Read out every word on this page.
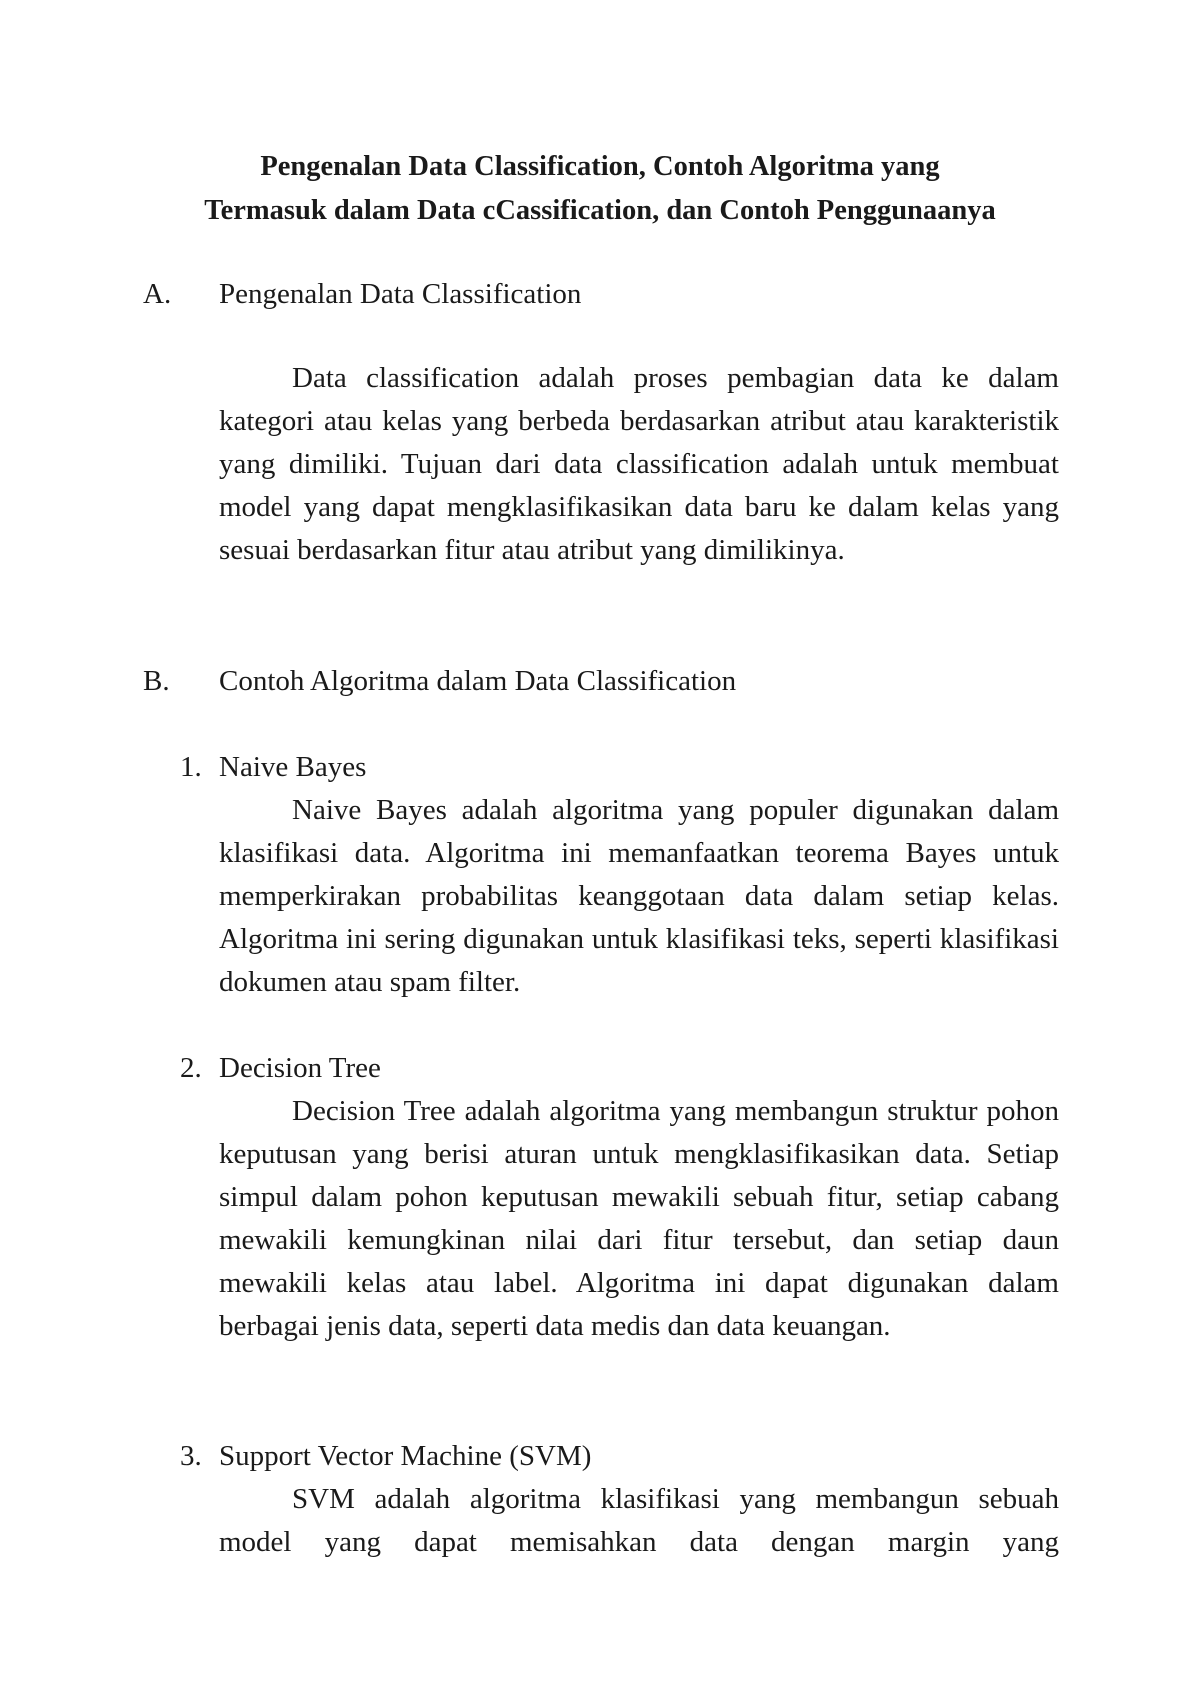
Pengenalan Data Classification, Contoh Algoritma yang
Termasuk dalam Data cCassification, dan Contoh Penggunaanya
A. Pengenalan Data Classification

Data classification adalah proses pembagian data ke dalam kategori atau kelas yang berbeda berdasarkan atribut atau karakteristik yang dimiliki. Tujuan dari data classification adalah untuk membuat model yang dapat mengklasifikasikan data baru ke dalam kelas yang sesuai berdasarkan fitur atau atribut yang dimilikinya.

B. Contoh Algoritma dalam Data Classification
1. Naive Bayes

Naive Bayes adalah algoritma yang populer digunakan dalam klasifikasi data. Algoritma ini memanfaatkan teorema Bayes untuk memperkirakan probabilitas keanggotaan data dalam setiap kelas. Algoritma ini sering digunakan untuk klasifikasi teks, seperti klasifikasi dokumen atau spam filter.

2. Decision Tree

Decision Tree adalah algoritma yang membangun struktur pohon keputusan yang berisi aturan untuk mengklasifikasikan data. Setiap simpul dalam pohon keputusan mewakili sebuah fitur, setiap cabang mewakili kemungkinan nilai dari fitur tersebut, dan setiap daun mewakili kelas atau label. Algoritma ini dapat digunakan dalam berbagai jenis data, seperti data medis dan data keuangan.

3. Support Vector Machine (SVM)

SVM adalah algoritma klasifikasi yang membangun sebuah model yang dapat memisahkan data dengan margin yang
